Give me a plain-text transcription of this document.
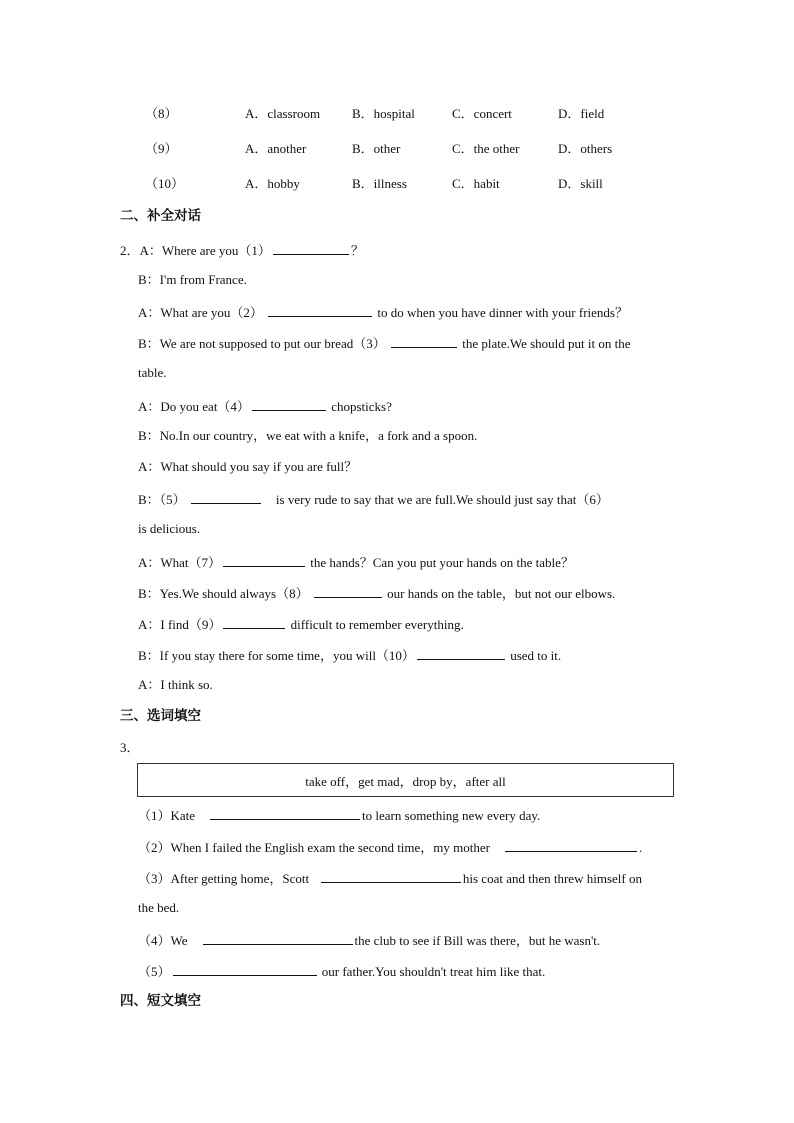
（8）	A．classroom B．hospital	C．concert	D．field
（9）	A．another	B．other	C．the other	D．others
（10）	A．hobby	B．illness	C．habit	D．skill
二、补全对话
2．A：Where are you（1）	？
B：I'm from France.
A：What are you（2）	to do when you have dinner with your friends？
B：We are not supposed to put our bread（3）	the plate.We should put it on the
table.
A：Do you eat（4）	chopsticks?
B：No.In our country，we eat with a knife，a fork and a spoon.
A：What should you say if you are full？
B：（5）	is very rude to say that we are full.We should just say that（6）
is delicious.
A：What（7）	the hands？Can you put your hands on the table？
B：Yes.We should always（8）	our hands on the table，but not our elbows.
A：I find（9）	difficult to remember everything.
B：If you stay there for some time，you will（10）	used to it.
A：I think so.
三、选词填空
3．
take off，get mad，drop by，after all
（1）Kate	to learn something new every day.
（2）When I failed the English exam the second time，my mother	.
（3）After getting home，Scott	his coat and then threw himself on
the bed.
（4）We	the club to see if Bill was there，but he wasn't.
（5）	our father.You shouldn't treat him like that.
四、短文填空
